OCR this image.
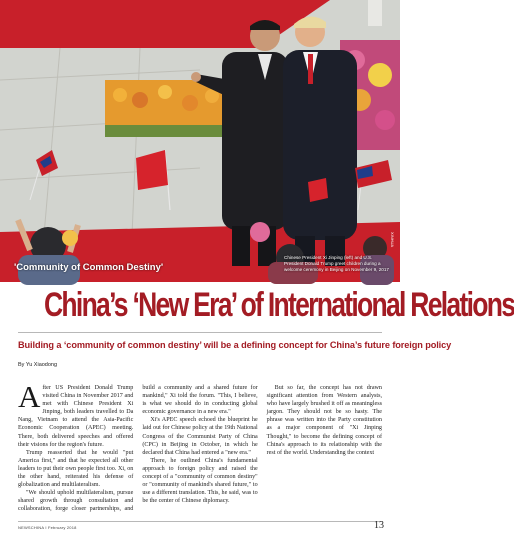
'Community of Common Destiny'
Chinese President Xi Jinping (left) and U.S. President Donald Trump greet children during a welcome ceremony in Beijing on November 9, 2017
XINHUA
China’s ‘New Era’ of International Relations
Building a ‘community of common destiny’ will be a defining concept for China’s future foreign policy
By Yu Xiaodong

After US President Donald Trump visited China in November 2017 and met with Chinese President Xi Jinping, both leaders travelled to Da Nang, Vietnam to attend the Asia-Pacific Economic Cooperation (APEC) meeting. There, both delivered speeches and offered their visions for the region's future.

Trump reasserted that he would "put America first," and that he expected all other leaders to put their own people first too. Xi, on the other hand, reiterated his defense of globalization and multilateralism.

"We should uphold multilateralism, pursue shared growth through consultation and collaboration, forge closer partnerships, and build a community and a shared future for mankind," Xi told the forum. "This, I believe, is what we should do in conducting global economic governance in a new era."

Xi's APEC speech echoed the blueprint he laid out for Chinese policy at the 19th National Congress of the Communist Party of China (CPC) in Beijing in October, in which he declared that China had entered a "new era."

There, he outlined China's fundamental approach to foreign policy and raised the concept of a "community of common destiny" or "community of mankind's shared future," to use a different translation. This, he said, was to be the center of Chinese diplomacy.

But so far, the concept has not drawn significant attention from Western analysts, who have largely brushed it off as meaningless jargon. They should not be so hasty. The phrase was written into the Party constitution as a major component of "Xi Jinping Thought," to become the defining concept of China's approach to its relationship with the rest of the world. Understanding the context

NEWSCHINA I February 2018	13
